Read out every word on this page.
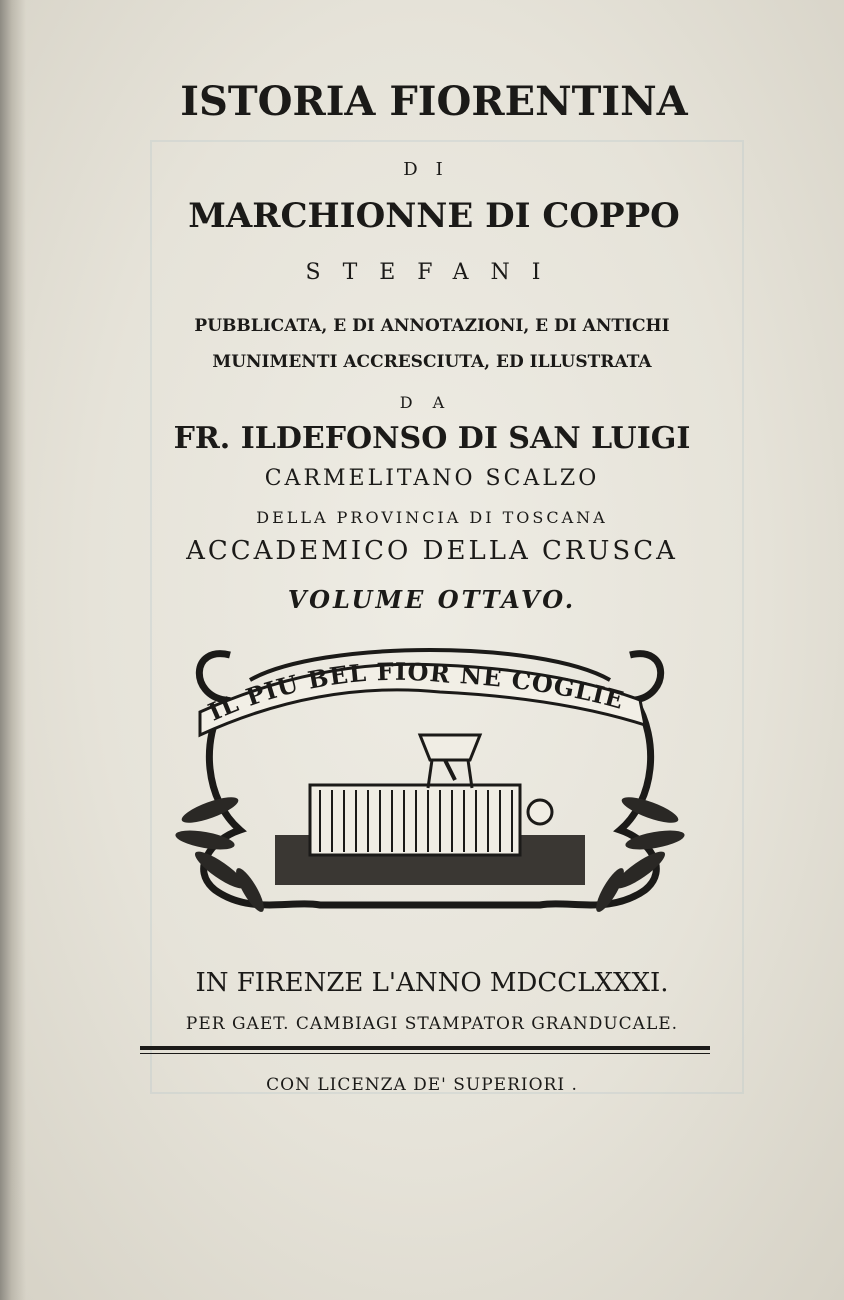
ISTORIA FIORENTINA
DI
MARCHIONNE DI COPPO
STEFANI
PUBBLICATA, E DI ANNOTAZIONI, E DI ANTICHI
MUNIMENTI ACCRESCIUTA, ED ILLUSTRATA
DA
FR. ILDEFONSO DI SAN LUIGI
CARMELITANO SCALZO
DELLA PROVINCIA DI TOSCANA
ACCADEMICO DELLA CRUSCA
VOLUME OTTAVO.
IL PIU BEL FIOR NE COGLIE
IN FIRENZE L'ANNO MDCCLXXXI.
PER GAET. CAMBIAGI STAMPATOR GRANDUCALE.
CON LICENZA DE' SUPERIORI .
